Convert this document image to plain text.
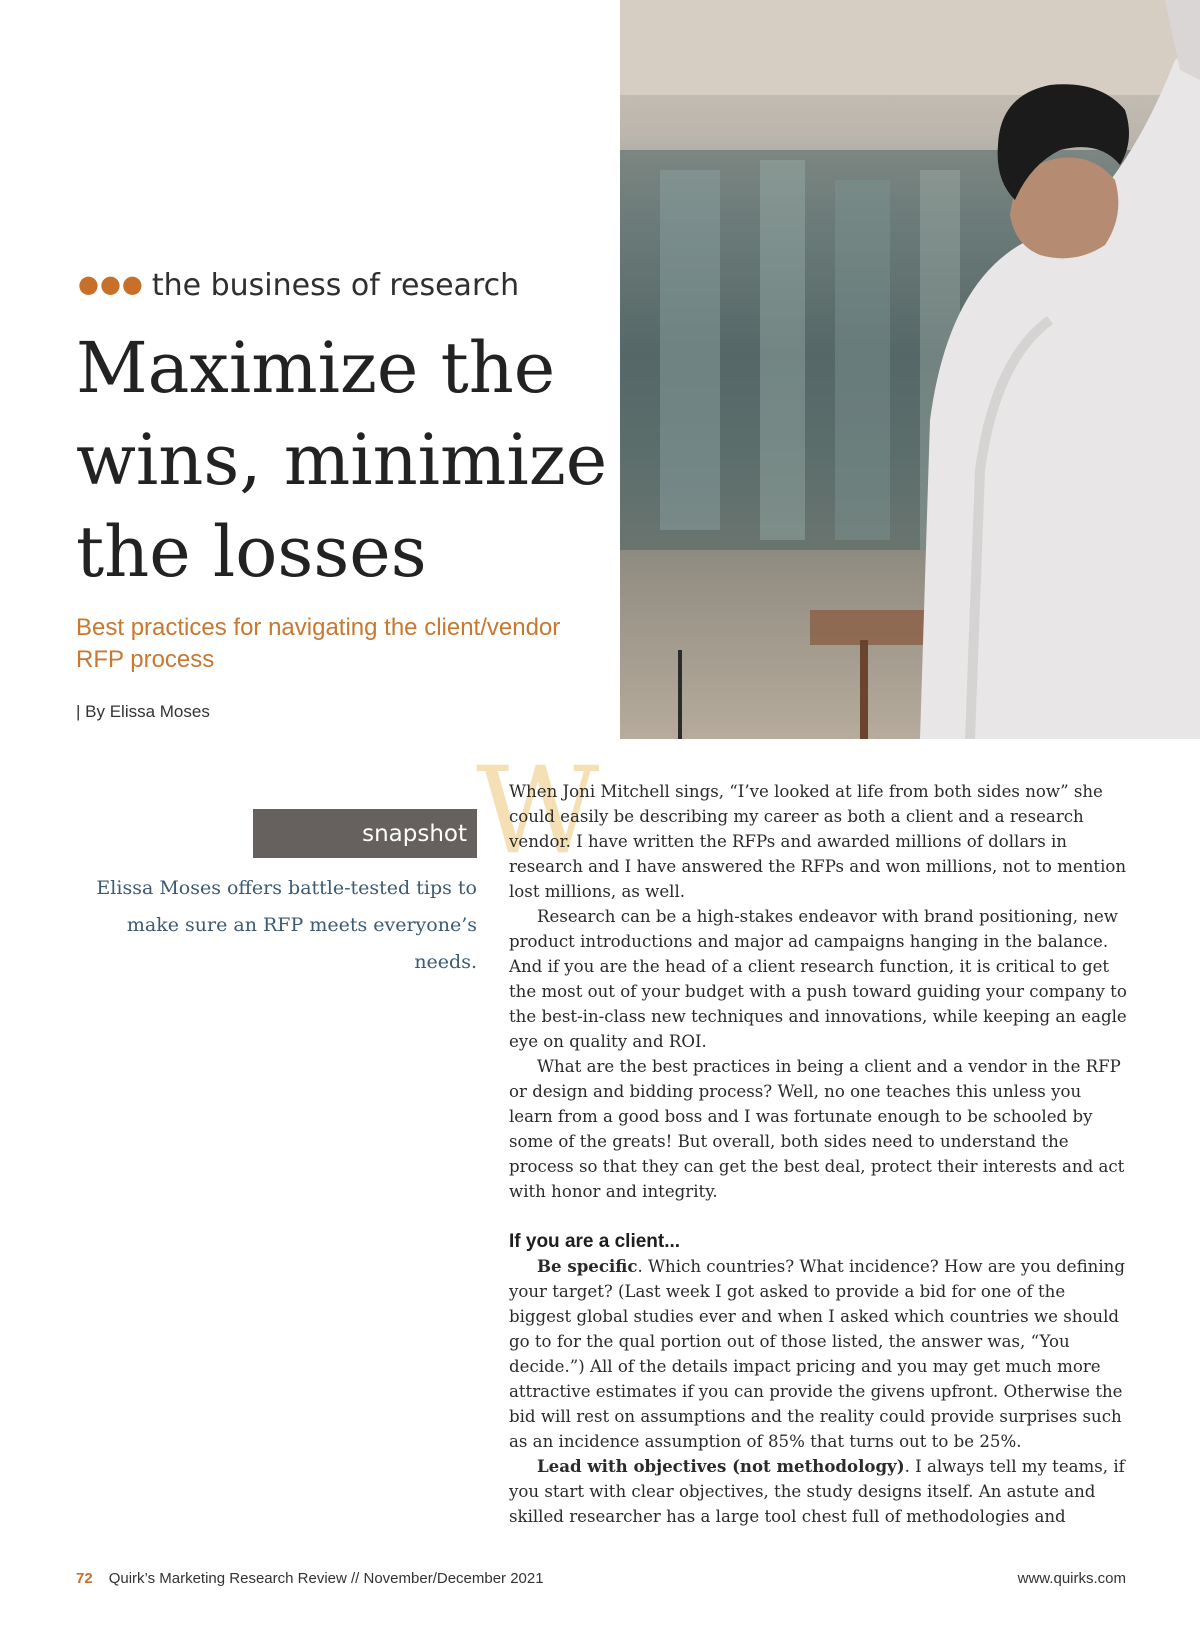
●●● the business of research
Maximize the
wins, minimize
the losses
Best practices for navigating the client/vendor RFP process
| By Elissa Moses
snapshot
Elissa Moses offers battle-tested tips to make sure an RFP meets everyone’s needs.
W

When Joni Mitchell sings, “I’ve looked at life from both sides now” she could easily be describing my career as both a client and a research vendor. I have written the RFPs and awarded millions of dollars in research and I have answered the RFPs and won millions, not to mention lost millions, as well.

Research can be a high-stakes endeavor with brand positioning, new product introductions and major ad campaigns hanging in the balance. And if you are the head of a client research function, it is critical to get the most out of your budget with a push toward guiding your company to the best-in-class new techniques and innovations, while keeping an eagle eye on quality and ROI.

What are the best practices in being a client and a vendor in the RFP or design and bidding process? Well, no one teaches this unless you learn from a good boss and I was fortunate enough to be schooled by some of the greats! But overall, both sides need to understand the process so that they can get the best deal, protect their interests and act with honor and integrity.

If you are a client...

Be specific. Which countries? What incidence? How are you defining your target? (Last week I got asked to provide a bid for one of the biggest global studies ever and when I asked which countries we should go to for the qual portion out of those listed, the answer was, “You decide.”) All of the details impact pricing and you may get much more attractive estimates if you can provide the givens upfront. Otherwise the bid will rest on assumptions and the reality could provide surprises such as an incidence assumption of 85% that turns out to be 25%.

Lead with objectives (not methodology). I always tell my teams, if you start with clear objectives, the study designs itself. An astute and skilled researcher has a large tool chest full of methodologies and

72 Quirk’s Marketing Research Review // November/December 2021	www.quirks.com
